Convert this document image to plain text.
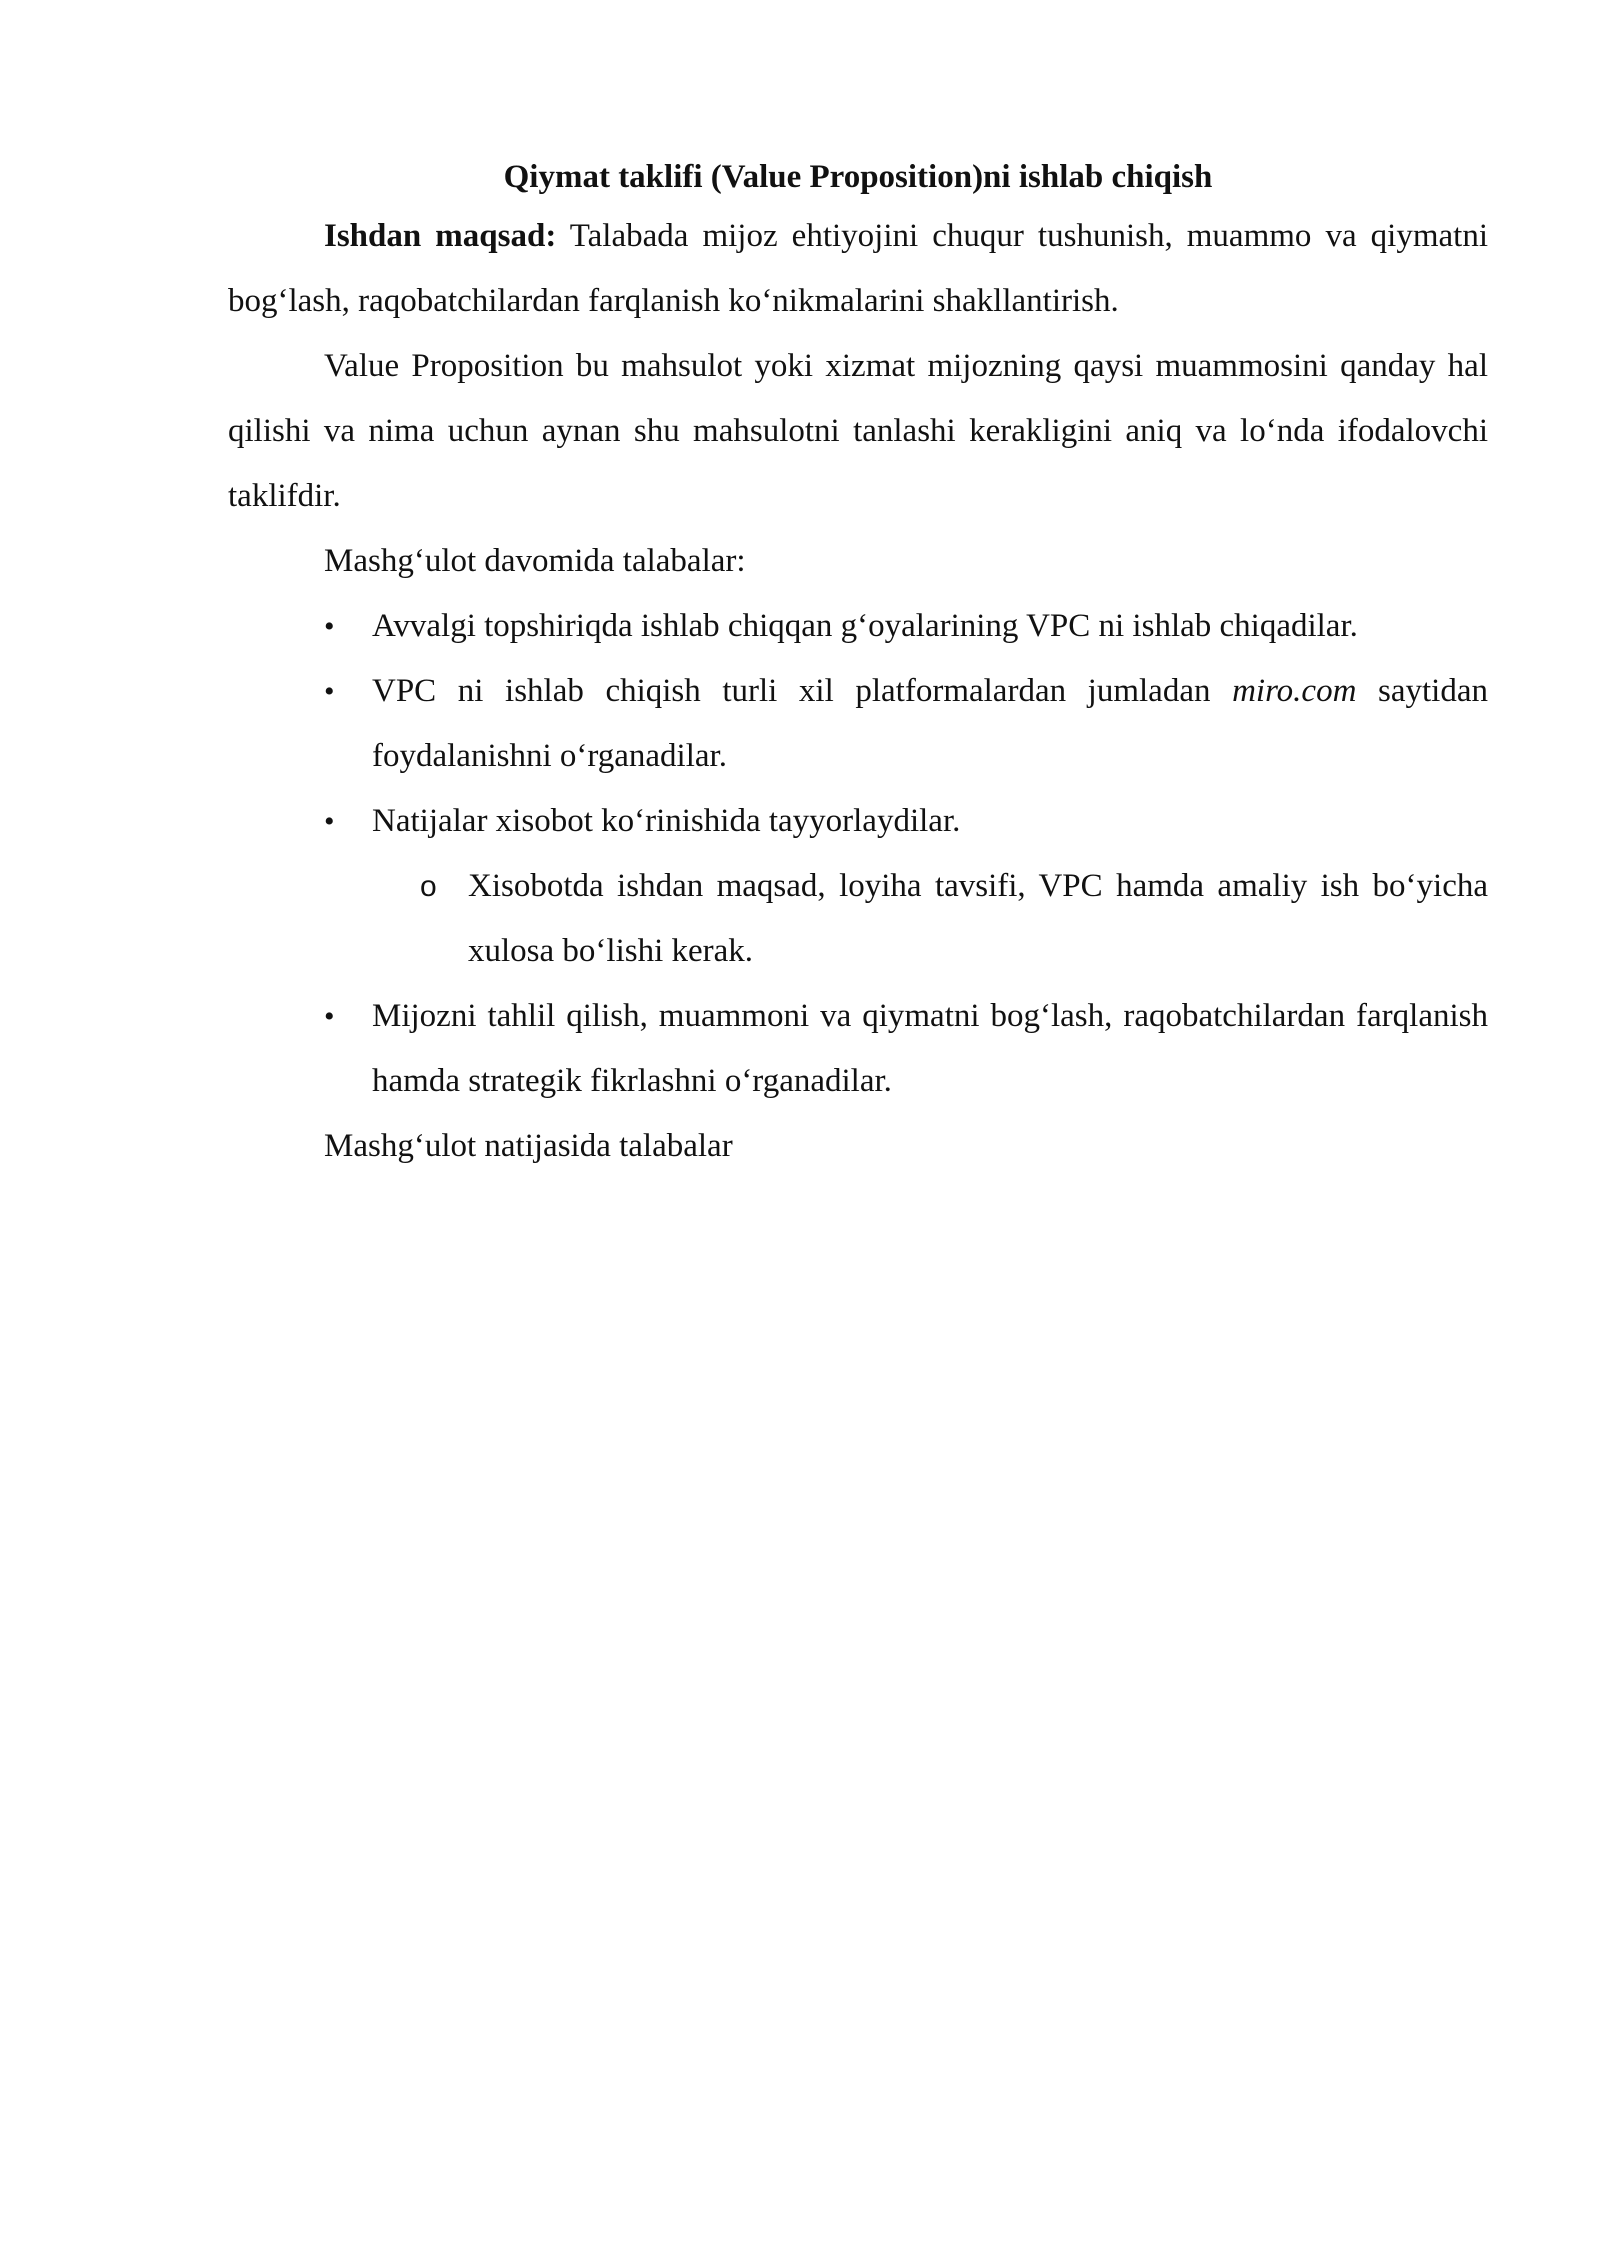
Qiymat taklifi (Value Proposition)ni ishlab chiqish

Ishdan maqsad: Talabada mijoz ehtiyojini chuqur tushunish, muammo va qiymatni bog‘lash, raqobatchilardan farqlanish ko‘nikmalarini shakllantirish.

Value Proposition bu mahsulot yoki xizmat mijozning qaysi muammosini qanday hal qilishi va nima uchun aynan shu mahsulotni tanlashi kerakligini aniq va lo‘nda ifodalovchi taklifdir.

Mashg‘ulot davomida talabalar:

•	Avvalgi topshiriqda ishlab chiqqan g‘oyalarining VPC ni ishlab chiqadilar.
•	VPC ni ishlab chiqish turli xil platformalardan jumladan miro.com saytidan foydalanishni o‘rganadilar.
•	Natijalar xisobot ko‘rinishida tayyorlaydilar.
o Xisobotda ishdan maqsad, loyiha tavsifi, VPC hamda amaliy ish bo‘yicha xulosa bo‘lishi kerak.
•	Mijozni tahlil qilish, muammoni va qiymatni bog‘lash, raqobatchilardan farqlanish hamda strategik fikrlashni o‘rganadilar.

Mashg‘ulot natijasida talabalar
